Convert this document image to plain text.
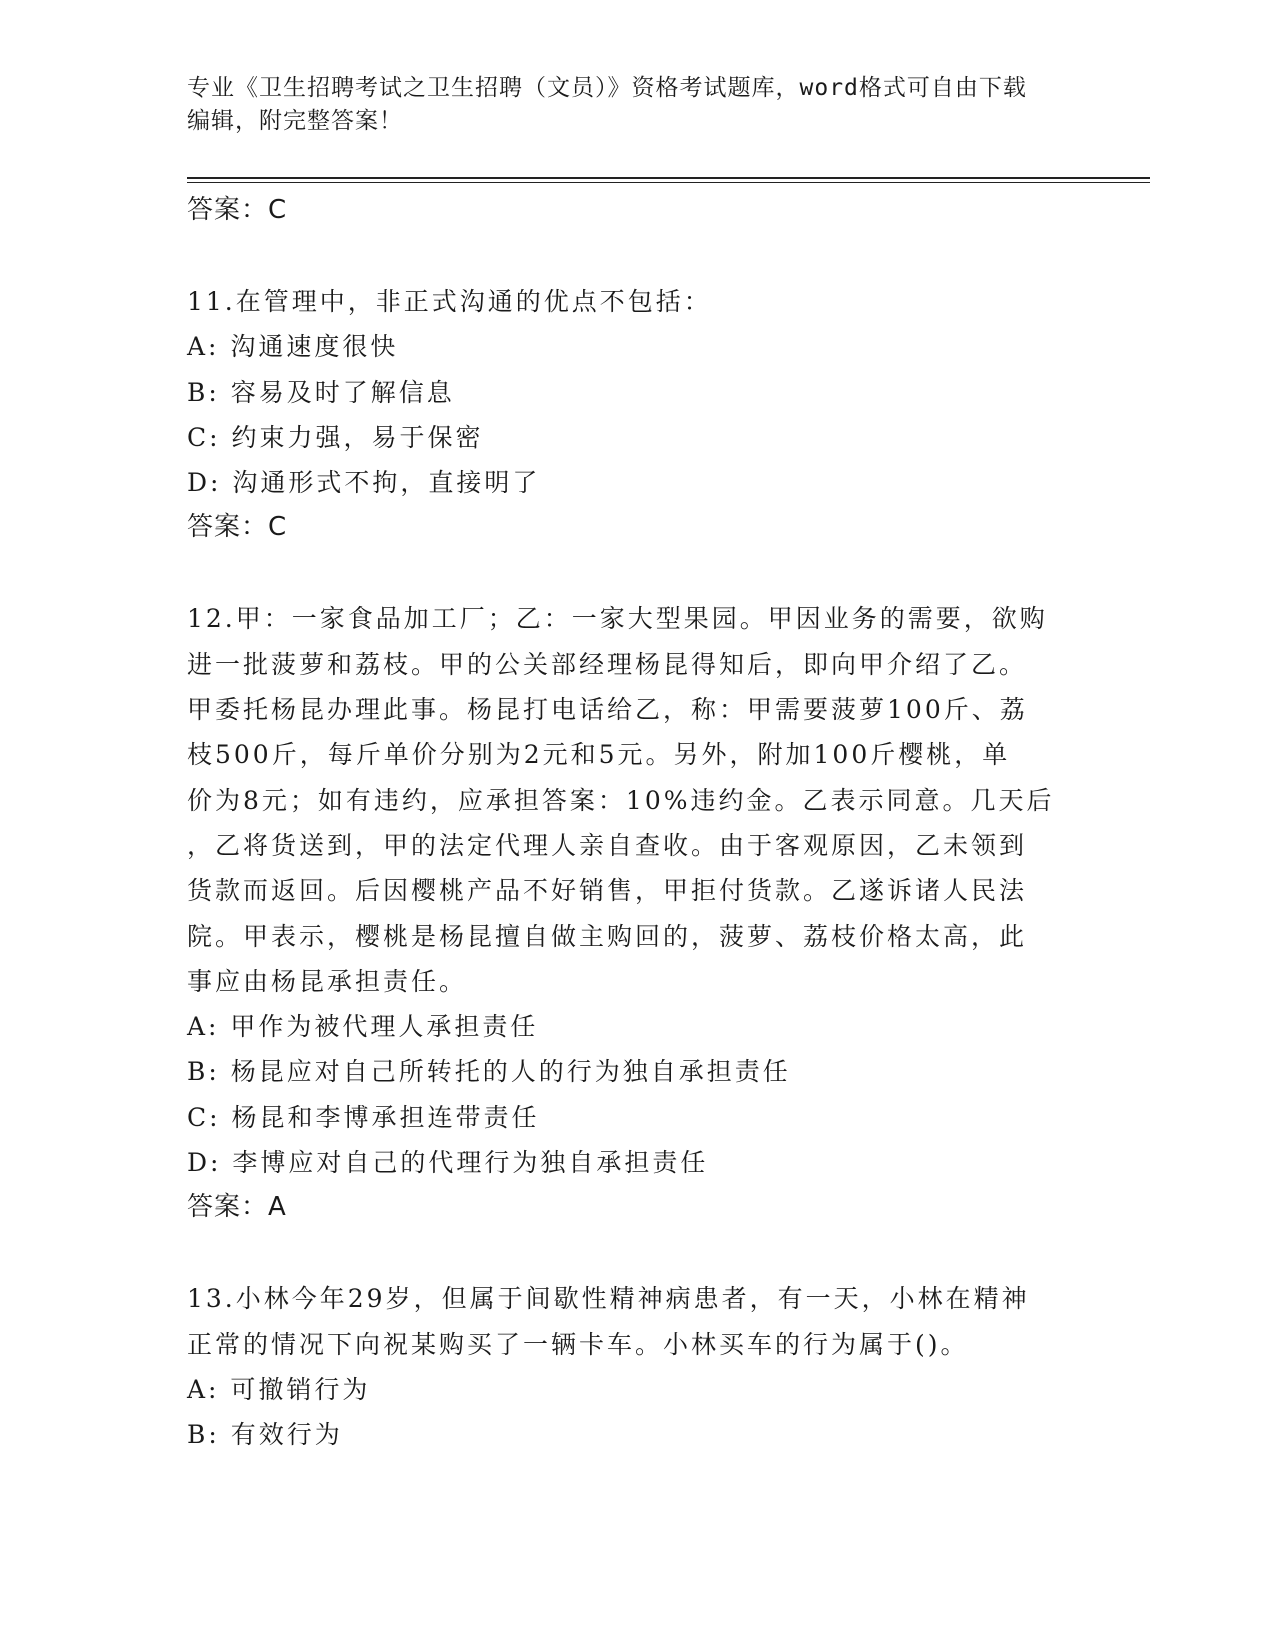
专业《卫生招聘考试之卫生招聘（文员）》资格考试题库，word格式可自由下载
编辑，附完整答案！
答案：C

11.在管理中，非正式沟通的优点不包括：

A: 沟通速度很快
B: 容易及时了解信息
C: 约束力强，易于保密
D: 沟通形式不拘，直接明了
答案：C

12.甲：一家食品加工厂；乙：一家大型果园。甲因业务的需要，欲购

进一批菠萝和荔枝。甲的公关部经理杨昆得知后，即向甲介绍了乙。

甲委托杨昆办理此事。杨昆打电话给乙，称：甲需要菠萝100斤、荔

枝500斤，每斤单价分别为2元和5元。另外，附加100斤樱桃，单

价为8元；如有违约，应承担答案：10%违约金。乙表示同意。几天后

，乙将货送到，甲的法定代理人亲自查收。由于客观原因，乙未领到

货款而返回。后因樱桃产品不好销售，甲拒付货款。乙遂诉诸人民法

院。甲表示，樱桃是杨昆擅自做主购回的，菠萝、荔枝价格太高，此

事应由杨昆承担责任。

A: 甲作为被代理人承担责任
B: 杨昆应对自己所转托的人的行为独自承担责任
C: 杨昆和李博承担连带责任
D: 李博应对自己的代理行为独自承担责任
答案：A

13.小林今年29岁，但属于间歇性精神病患者，有一天，小林在精神

正常的情况下向祝某购买了一辆卡车。小林买车的行为属于()。

A: 可撤销行为
B: 有效行为
